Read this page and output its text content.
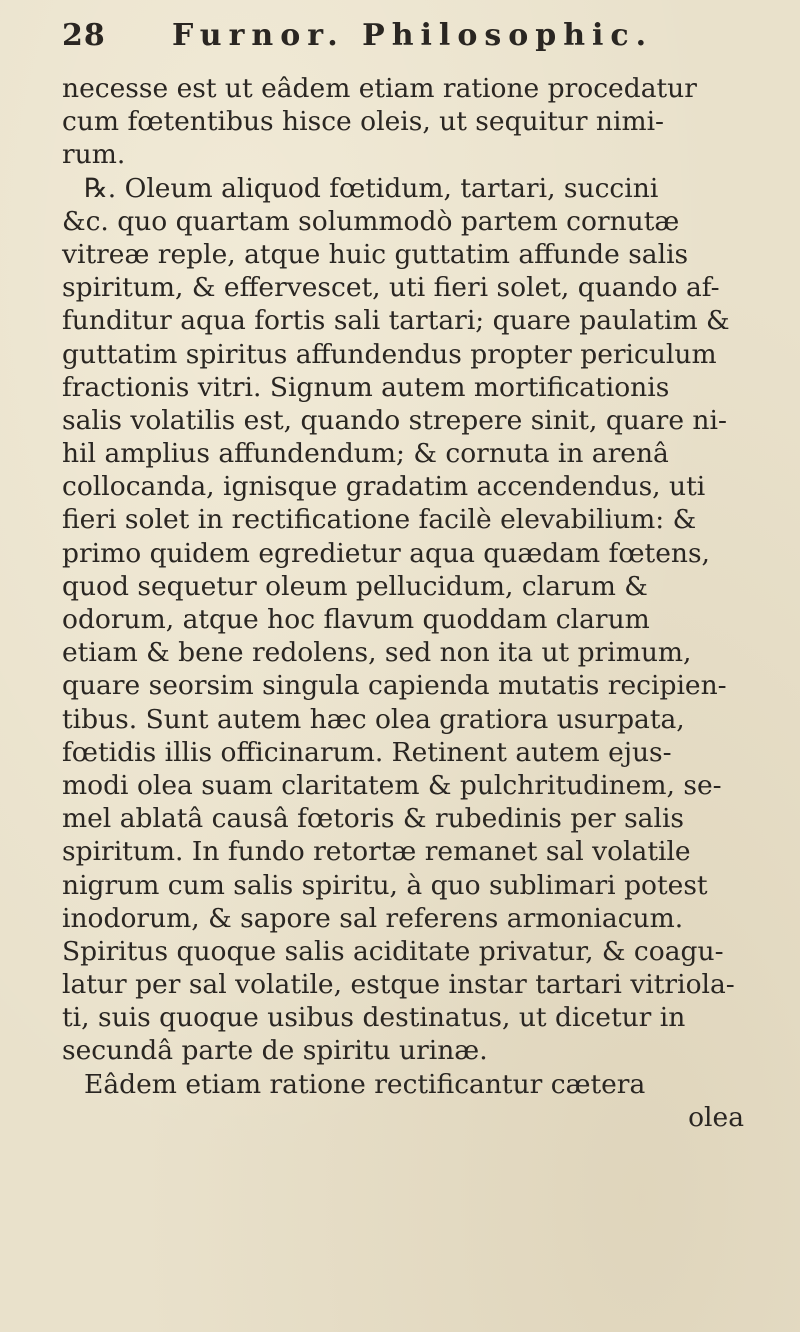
28 Furnor. Philosophic.
necesse est ut eâdem etiam ratione procedatur
cum fœtentibus hisce oleis, ut sequitur nimi-
rum.
℞. Oleum aliquod fœtidum, tartari, succini
&c. quo quartam solummodò partem cornutæ
vitreæ reple, atque huic guttatim affunde salis
spiritum, & effervescet, uti fieri solet, quando af-
funditur aqua fortis sali tartari; quare paulatim &
guttatim spiritus affundendus propter periculum
fractionis vitri. Signum autem mortificationis
salis volatilis est, quando strepere sinit, quare ni-
hil amplius affundendum; & cornuta in arenâ
collocanda, ignisque gradatim accendendus, uti
fieri solet in rectificatione facilè elevabilium: &
primo quidem egredietur aqua quædam fœtens,
quod sequetur oleum pellucidum, clarum &
odorum, atque hoc flavum quoddam clarum
etiam & bene redolens, sed non ita ut primum,
quare seorsim singula capienda mutatis recipien-
tibus. Sunt autem hæc olea gratiora usurpata,
fœtidis illis officinarum. Retinent autem ejus-
modi olea suam claritatem & pulchritudinem, se-
mel ablatâ causâ fœtoris & rubedinis per salis
spiritum. In fundo retortæ remanet sal volatile
nigrum cum salis spiritu, à quo sublimari potest
inodorum, & sapore sal referens armoniacum.
Spiritus quoque salis aciditate privatur, & coagu-
latur per sal volatile, estque instar tartari vitriola-
ti, suis quoque usibus destinatus, ut dicetur in
secundâ parte de spiritu urinæ.
Eâdem etiam ratione rectificantur cætera
olea
